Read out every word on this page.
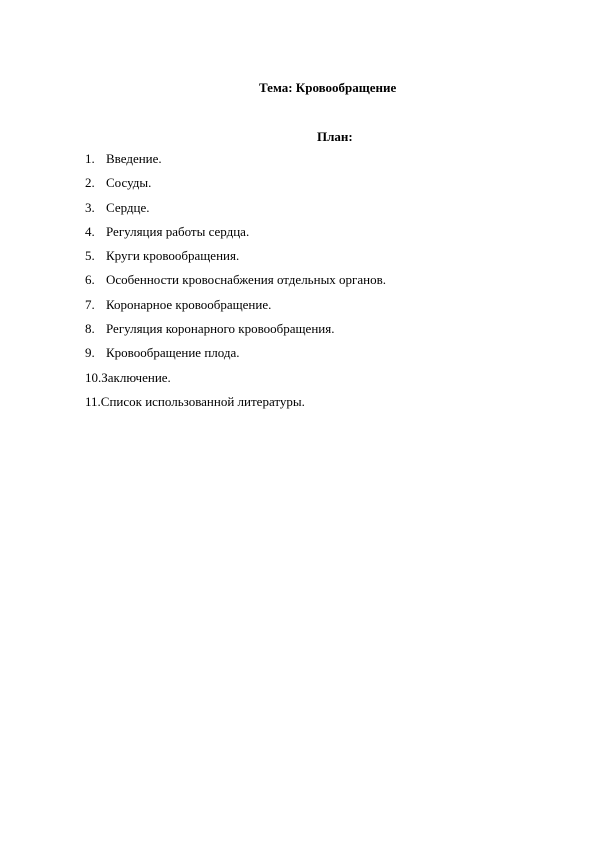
Тема: Кровообращение
План:
1. Введение.
2. Сосуды.
3. Сердце.
4. Регуляция работы сердца.
5. Круги кровообращения.
6. Особенности кровоснабжения отдельных органов.
7. Коронарное кровообращение.
8. Регуляция коронарного кровообращения.
9. Кровообращение плода.
10. Заключение.
11. Список использованной литературы.
